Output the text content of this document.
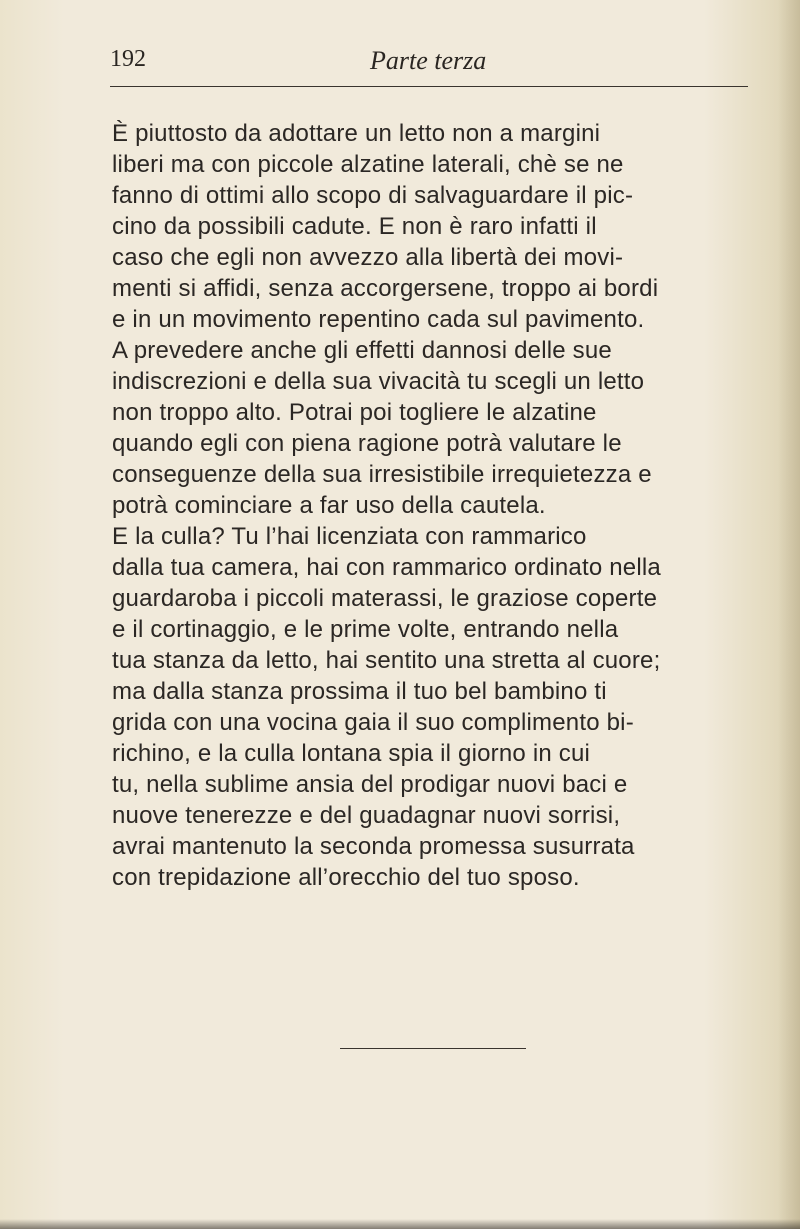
192	Parte terza
È piuttosto da adottare un letto non a margini
liberi ma con piccole alzatine laterali, chè se ne
fanno di ottimi allo scopo di salvaguardare il pic-
cino da possibili cadute. E non è raro infatti il
caso che egli non avvezzo alla libertà dei movi-
menti si affidi, senza accorgersene, troppo ai bordi
e in un movimento repentino cada sul pavimento.
A prevedere anche gli effetti dannosi delle sue
indiscrezioni e della sua vivacità tu scegli un letto
non troppo alto. Potrai poi togliere le alzatine
quando egli con piena ragione potrà valutare le
conseguenze della sua irresistibile irrequietezza e
potrà cominciare a far uso della cautela.
E la culla? Tu l’hai licenziata con rammarico
dalla tua camera, hai con rammarico ordinato nella
guardaroba i piccoli materassi, le graziose coperte
e il cortinaggio, e le prime volte, entrando nella
tua stanza da letto, hai sentito una stretta al cuore;
ma dalla stanza prossima il tuo bel bambino ti
grida con una vocina gaia il suo complimento bi-
richino, e la culla lontana spia il giorno in cui
tu, nella sublime ansia del prodigar nuovi baci e
nuove tenerezze e del guadagnar nuovi sorrisi,
avrai mantenuto la seconda promessa susurrata
con trepidazione all’orecchio del tuo sposo.
